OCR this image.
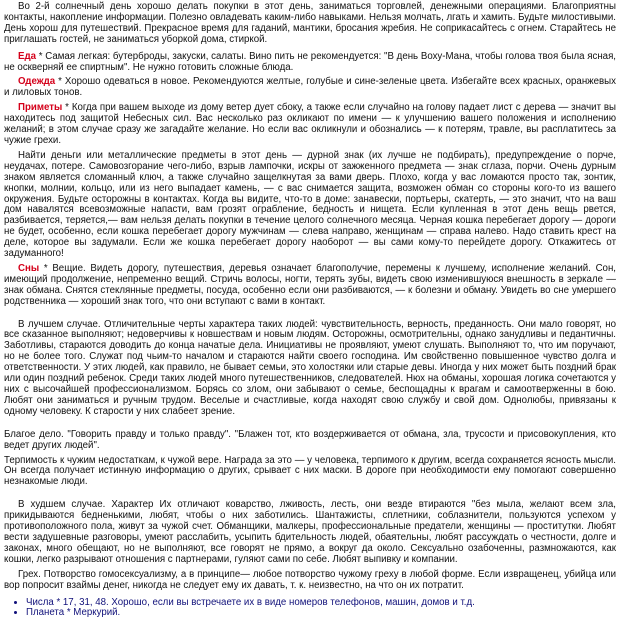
Во 2-й солнечный день хорошо делать покупки в этот день, заниматься торговлей, денежными операциями. Благоприятны контакты, накопление информации. Полезно овладевать каким-либо навыками. Нельзя молчать, лгать и хамить. Будьте милостивыми. День хорош для путешествий. Прекрасное время для гаданий, мантики, бросания жребия. Не соприкасайтесь с огнем. Старайтесь не приглашать гостей, не заниматься уборкой дома, стиркой.

Еда * Самая легкая: бутерброды, закуски, салаты. Вино пить не рекомендуется: "В день Воху-Мана, чтобы голова твоя была ясная, не оскверняй ее спиртным". Не нужно готовить сложные блюда.

Одежда * Хорошо одеваться в новое. Рекомендуются желтые, голубые и сине-зеленые цвета. Избегайте всех красных, оранжевых и лиловых тонов.

Приметы * Когда при вашем выходе из дому ветер дует сбоку, а также если случайно на голову падает лист с дерева — значит вы находитесь под защитой Небесных сил. Вас несколько раз окликают по имени — к улучшению вашего положения и исполнению желаний; в этом случае сразу же загадайте желание. Но если вас окликнули и обознались — к потерям, травле, вы расплатитесь за чужие грехи.

Найти деньги или металлические предметы в этот день — дурной знак (их лучше не подбирать), предупреждение о порче, неудачах, потере. Самовозгорание чего-либо, взрыв лампочки, искры от зажженного предмета — знак сглаза, порчи. Очень дурным знаком является сломанный ключ, а также случайно защелкнутая за вами дверь. Плохо, когда у вас ломаются просто так, зонтик, кнопки, молнии, кольцо, или из него выпадает камень, — с вас снимается защита, возможен обман со стороны кого-то из вашего окружения. Будьте осторожны в контактах. Когда вы видите, что-то в доме: занавески, портьеры, скатерть, — это значит, что на ваш дом навалятся всевозможные напасти, вам грозят ограбление, бедность и нищета. Если купленная в этот день вещь рвется, разбивается, теряется,— вам нельзя делать покупки в течение целого солнечного месяца. Черная кошка перебегает дорогу — дороги не будет, особенно, если кошка перебегает дорогу мужчинам — слева направо, женщинам — справа налево. Надо ставить крест на деле, которое вы задумали. Если же кошка перебегает дорогу наоборот — вы сами кому-то перейдете дорогу. Откажитесь от задуманного!

Сны * Вещие. Видеть дорогу, путешествия, деревья означает благополучие, перемены к лучшему, исполнение желаний. Сон, имеющий продолжение, непременно вещий. Стричь волосы, ногти, терять зубы, видеть свою изменившуюся внешность в зеркале — знак обмана. Снятся стеклянные предметы, посуда, особенно если они разбиваются, — к болезни и обману. Увидеть во сне умершего родственника — хороший знак того, что они вступают с вами в контакт.

В лучшем случае. Отличительные черты характера таких людей: чувствительность, верность, преданность. Они мало говорят, но все сказанное выполняют; недоверчивы к новшествам и новым людям. Осторожны, осмотрительны, однако занудливы и педантичны. Заботливы, стараются доводить до конца начатые дела. Инициативы не проявляют, умеют слушать. Выполняют то, что им поручают, но не более того. Служат под чьим-то началом и стараются найти своего господина. Им свойственно повышенное чувство долга и ответственности. У этих людей, как правило, не бывает семьи, это холостяки или старые девы. Иногда у них может быть поздний брак или один поздний ребенок. Среди таких людей много путешественников, следователей. Нюх на обманы, хорошая логика сочетаются у них с высочайшей профессионализмом. Борясь со злом, они забывают о семье, беспощадны к врагам и самоотверженны в бою. Любят они заниматься и ручным трудом. Веселые и счастливые, когда находят свою службу и свой дом. Однолюбы, привязаны к одному человеку. К старости у них слабеет зрение.

Благое дело. "Говорить правду и только правду". "Блажен тот, кто воздерживается от обмана, зла, трусости и присовокупления, кто ведет других людей".

Терпимость к чужим недостаткам, к чужой вере. Награда за это — у человека, терпимого к другим, всегда сохраняется ясность мысли. Он всегда получает истинную информацию о других, срывает с них маски. В дороге при необходимости ему помогают совершенно незнакомые люди.

В худшем случае. Характер Их отличают коварство, лживость, лесть, они везде втираются "без мыла, желают всем зла, прикидываются бедненькими, любят, чтобы о них заботились. Шантажисты, сплетники, соблазнители, пользуются успехом у противоположного пола, живут за чужой счет. Обманщики, малкеры, профессиональные предатели, женщины — проститутки. Любят вести задушевные разговоры, умеют расслабить, усыпить бдительность людей, обаятельны, любят рассуждать о честности, долге и законах, много обещают, но не выполняют, все говорят не прямо, а вокруг да около. Сексуально озабоченны, размножаются, как кошки, легко разрывают отношения с партнерами, гуляют сами по себе. Любят выпивку и компании.

Грех. Потворство гомосексуализму, а в принципе— любое потворство чужому греху в любой форме. Если извращенец, убийца или вор попросит взаймы денег, никогда не следует ему их давать, т. к. неизвестно, на что он их потратит.

• Числа * 17, 31, 48. Хорошо, если вы встречаете их в виде номеров телефонов, машин, домов и т.д.
• Планета * Меркурий.
